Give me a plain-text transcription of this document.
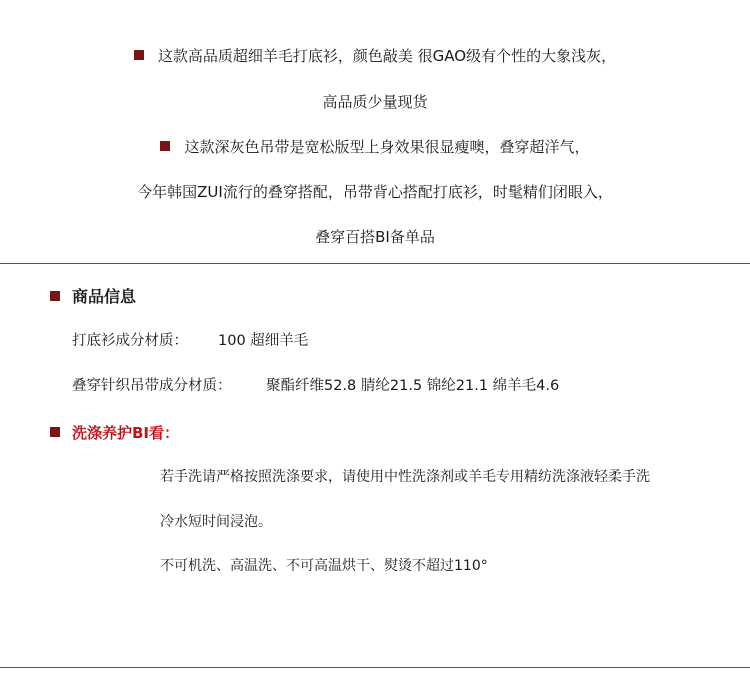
这款高品质超细羊毛打底衫，颜色敲美 很GAO级有个性的大象浅灰，
高品质少量现货
这款深灰色吊带是宽松版型上身效果很显瘦噢，叠穿超洋气，
今年韩国ZUI流行的叠穿搭配，吊带背心搭配打底衫，时髦精们闭眼入，
叠穿百搭BI备单品
商品信息
打底衫成分材质： 100 超细羊毛
叠穿针织吊带成分材质： 聚酯纤维52.8 腈纶21.5 锦纶21.1 绵羊毛4.6
洗涤养护BI看：
若手洗请严格按照洗涤要求，请使用中性洗涤剂或羊毛专用精纺洗涤液轻柔手洗
冷水短时间浸泡。
不可机洗、高温洗、不可高温烘干、熨烫不超过110°
